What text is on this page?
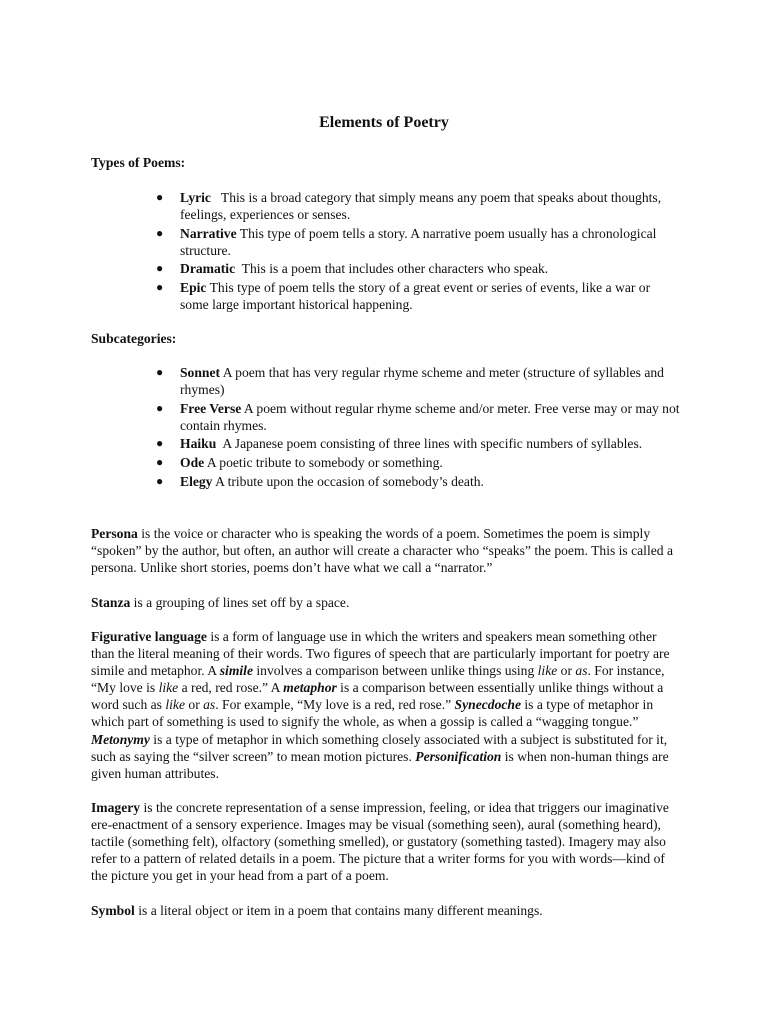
Elements of Poetry
Types of Poems:
● Lyric   This is a broad category that simply means any poem that speaks about thoughts, feelings, experiences or senses.
● Narrative This type of poem tells a story. A narrative poem usually has a chronological structure.
● Dramatic  This is a poem that includes other characters who speak.
● Epic This type of poem tells the story of a great event or series of events, like a war or some large important historical happening.
Subcategories:
● Sonnet A poem that has very regular rhyme scheme and meter (structure of syllables and rhymes)
● Free Verse A poem without regular rhyme scheme and/or meter. Free verse may or may not contain rhymes.
● Haiku  A Japanese poem consisting of three lines with specific numbers of syllables.
● Ode A poetic tribute to somebody or something.
● Elegy A tribute upon the occasion of somebody’s death.

Persona is the voice or character who is speaking the words of a poem. Sometimes the poem is simply “spoken” by the author, but often, an author will create a character who “speaks” the poem. This is called a persona. Unlike short stories, poems don’t have what we call a “narrator.”

Stanza is a grouping of lines set off by a space.

Figurative language is a form of language use in which the writers and speakers mean something other than the literal meaning of their words. Two figures of speech that are particularly important for poetry are simile and metaphor. A simile involves a comparison between unlike things using like or as. For instance, “My love is like a red, red rose.” A metaphor is a comparison between essentially unlike things without a word such as like or as. For example, “My love is a red, red rose.” Synecdoche is a type of metaphor in which part of something is used to signify the whole, as when a gossip is called a “wagging tongue.” Metonymy is a type of metaphor in which something closely associated with a subject is substituted for it, such as saying the “silver screen” to mean motion pictures. Personification is when non-human things are given human attributes.

Imagery is the concrete representation of a sense impression, feeling, or idea that triggers our imaginative ere-enactment of a sensory experience. Images may be visual (something seen), aural (something heard), tactile (something felt), olfactory (something smelled), or gustatory (something tasted). Imagery may also refer to a pattern of related details in a poem. The picture that a writer forms for you with words—kind of the picture you get in your head from a part of a poem.

Symbol is a literal object or item in a poem that contains many different meanings.
